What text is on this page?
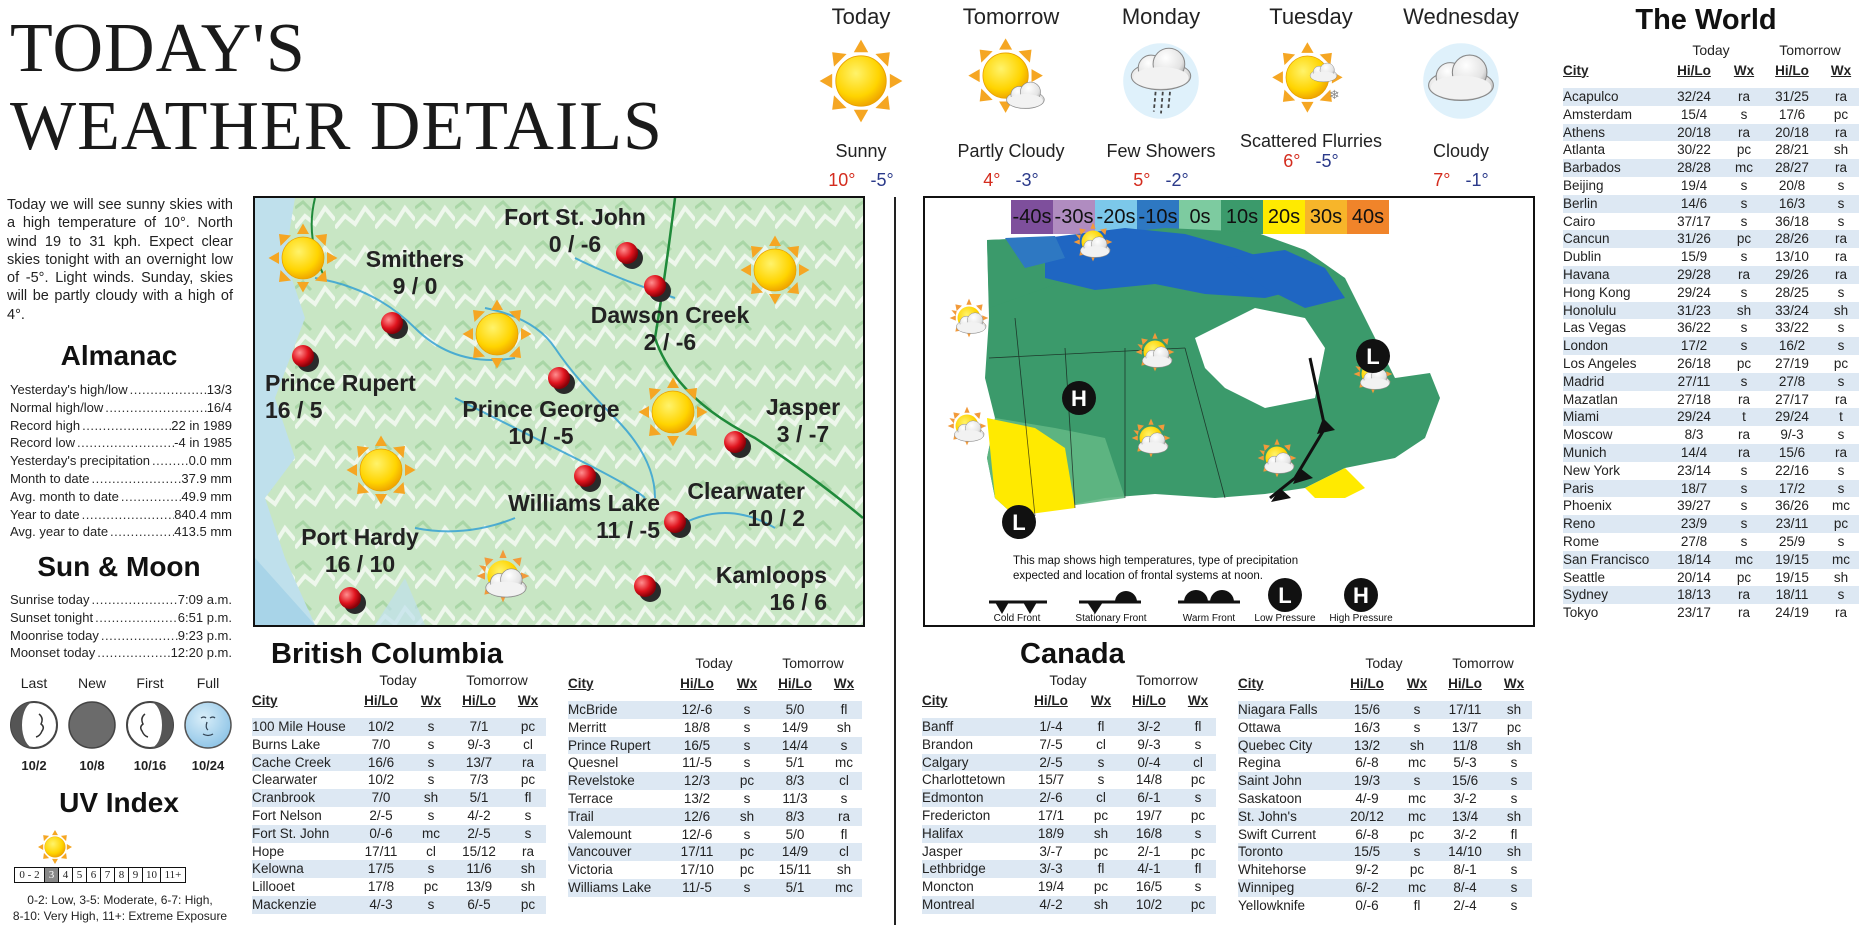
TODAY'S
WEATHER DETAILS
Today we will see sunny skies with a high temperature of 10°. North wind 19 to 31 kph. Expect clear skies tonight with an overnight low of -5°. Light winds. Sunday, skies will be partly cloudy with a high of 4°.
Almanac
Yesterday's high/low .....	13/3
Normal high/low .....	16/4
Record high .....	22 in 1989
Record low .....	-4 in 1985
Yesterday's precipitation .....	0.0 mm
Month to date .....	37.9 mm
Avg. month to date .....	49.9 mm
Year to date .....	840.4 mm
Avg. year to date .....	413.5 mm
Sun & Moon
Sunrise today .....	7:09 a.m.
Sunset tonight .....	6:51 p.m.
Moonrise today .....	9:23 p.m.
Moonset today .....	12:20 p.m.
Last	New	First	Full
10/2	10/8	10/16	10/24
UV Index
0 - 2 3 4 5 6 7 8 9 10 11+
0-2: Low, 3-5: Moderate, 6-7: High,
8-10: Very High, 11+: Extreme Exposure
Today
Sunny
10° -5°
Tomorrow
Partly Cloudy
4° -3°
Monday
Few Showers
5° -2°
Tuesday
❄
Scattered Flurries
6° -5°
Wednesday
Cloudy
7° -1°
Fort St. John
0 / -6
Smithers
9 / 0
Dawson Creek
2 / -6
Prince Rupert
16 / 5	Prince George
10 / -5
Jasper
3 / -7
Williams Lake
11 / -5
Clearwater
10 / 2
Port Hardy
16 / 10	Kamloops
16 / 6
-40s -30s -20s -10s 0s 10s 20s 30s 40s
H
L
L
L	H
This map shows high temperatures, type of precipitation
expected and location of frontal systems at noon.
Cold Front	Stationary Front	Warm Front	Low Pressure	High Pressure
British Columbia
	Today		Tomorrow	
City	Hi/Lo	Wx	Hi/Lo	Wx

100 Mile House	10/2	s	7/1	pc
Burns Lake	7/0	s	9/-3	cl
Cache Creek	16/6	s	13/7	ra
Clearwater	10/2	s	7/3	pc
Cranbrook	7/0	sh	5/1	fl
Fort Nelson	2/-5	s	4/-2	s
Fort St. John	0/-6	mc	2/-5	s
Hope	17/11	cl	15/12	ra
Kelowna	17/5	s	11/6	sh
Lillooet	17/8	pc	13/9	sh
Mackenzie	4/-3	s	6/-5	pc
	Today		Tomorrow	
City	Hi/Lo	Wx	Hi/Lo	Wx

McBride	12/-6	s	5/0	fl
Merritt	18/8	s	14/9	sh
Prince Rupert	16/5	s	14/4	s
Quesnel	11/-5	s	5/1	mc
Revelstoke	12/3	pc	8/3	cl
Terrace	13/2	s	11/3	s
Trail	12/6	sh	8/3	ra
Valemount	12/-6	s	5/0	fl
Vancouver	17/11	pc	14/9	cl
Victoria	17/10	pc	15/11	sh
Williams Lake	11/-5	s	5/1	mc
Canada
	Today		Tomorrow	
City	Hi/Lo	Wx	Hi/Lo	Wx

Banff	1/-4	fl	3/-2	fl
Brandon	7/-5	cl	9/-3	s
Calgary	2/-5	s	0/-4	cl
Charlottetown	15/7	s	14/8	pc
Edmonton	2/-6	cl	6/-1	s
Fredericton	17/1	pc	19/7	pc
Halifax	18/9	sh	16/8	s
Jasper	3/-7	pc	2/-1	pc
Lethbridge	3/-3	fl	4/-1	fl
Moncton	19/4	pc	16/5	s
Montreal	4/-2	sh	10/2	pc
	Today		Tomorrow	
City	Hi/Lo	Wx	Hi/Lo	Wx

Niagara Falls	15/6	s	17/11	sh
Ottawa	16/3	s	13/7	pc
Quebec City	13/2	sh	11/8	sh
Regina	6/-8	mc	5/-3	s
Saint John	19/3	s	15/6	s
Saskatoon	4/-9	mc	3/-2	s
St. John's	20/12	mc	13/4	sh
Swift Current	6/-8	pc	3/-2	fl
Toronto	15/5	s	14/10	sh
Whitehorse	9/-2	pc	8/-1	s
Winnipeg	6/-2	mc	8/-4	s
Yellowknife	0/-6	fl	2/-4	s
The World
	Today		Tomorrow	
City	Hi/Lo	Wx	Hi/Lo	Wx

Acapulco	32/24	ra	31/25	ra
Amsterdam	15/4	s	17/6	pc
Athens	20/18	ra	20/18	ra
Atlanta	30/22	pc	28/21	sh
Barbados	28/28	mc	28/27	ra
Beijing	19/4	s	20/8	s
Berlin	14/6	s	16/3	s
Cairo	37/17	s	36/18	s
Cancun	31/26	pc	28/26	ra
Dublin	15/9	s	13/10	ra
Havana	29/28	ra	29/26	ra
Hong Kong	29/24	s	28/25	s
Honolulu	31/23	sh	33/24	sh
Las Vegas	36/22	s	33/22	s
London	17/2	s	16/2	s
Los Angeles	26/18	pc	27/19	pc
Madrid	27/11	s	27/8	s
Mazatlan	27/18	ra	27/17	ra
Miami	29/24	t	29/24	t
Moscow	8/3	ra	9/-3	s
Munich	14/4	ra	15/6	ra
New York	23/14	s	22/16	s
Paris	18/7	s	17/2	s
Phoenix	39/27	s	36/26	mc
Reno	23/9	s	23/11	pc
Rome	27/8	s	25/9	s
San Francisco	18/14	mc	19/15	mc
Seattle	20/14	pc	19/15	sh
Sydney	18/13	ra	18/11	s
Tokyo	23/17	ra	24/19	ra
